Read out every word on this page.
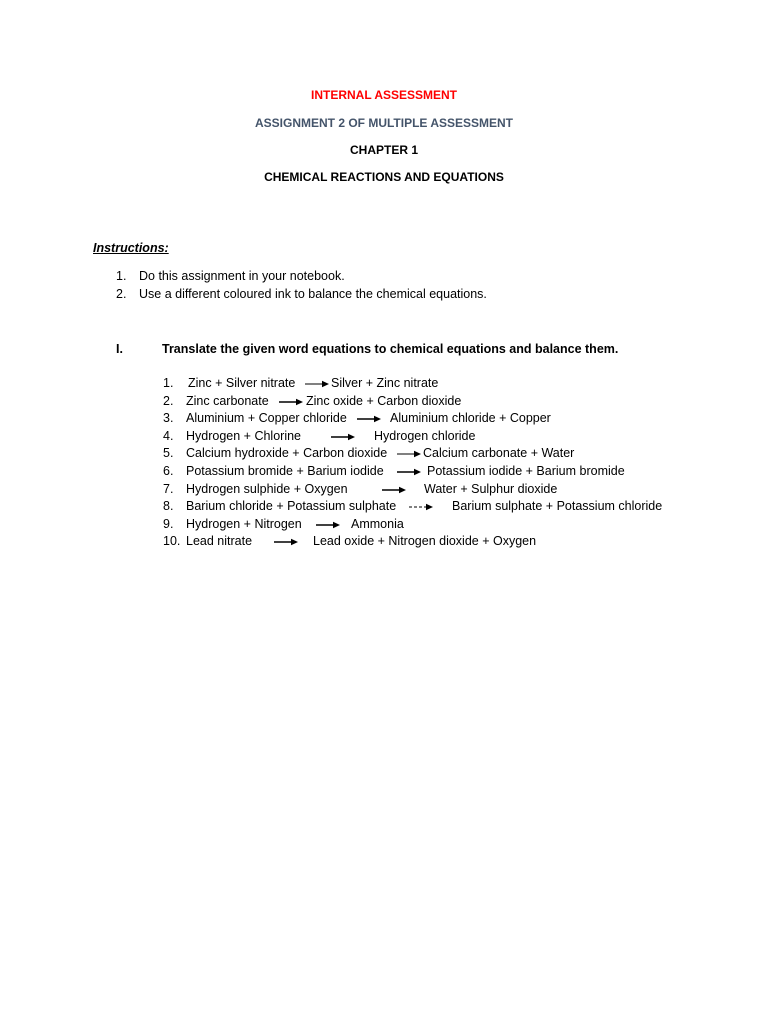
INTERNAL ASSESSMENT
ASSIGNMENT 2 OF MULTIPLE ASSESSMENT
CHAPTER 1
CHEMICAL REACTIONS AND EQUATIONS
Instructions:
1. Do this assignment in your notebook.
2. Use a different coloured ink to balance the chemical equations.
I.	Translate the given word equations to chemical equations and balance them.
1. Zinc + Silver nitrate → Silver + Zinc nitrate
2. Zinc carbonate → Zinc oxide + Carbon dioxide
3. Aluminium + Copper chloride → Aluminium chloride + Copper
4. Hydrogen + Chlorine → Hydrogen chloride
5. Calcium hydroxide + Carbon dioxide → Calcium carbonate + Water
6. Potassium bromide + Barium iodide → Potassium iodide + Barium bromide
7. Hydrogen sulphide + Oxygen	→ Water + Sulphur dioxide
8. Barium chloride + Potassium sulphate → Barium sulphate + Potassium chloride
9. Hydrogen + Nitrogen → Ammonia
10. Lead nitrate → Lead oxide + Nitrogen dioxide + Oxygen
